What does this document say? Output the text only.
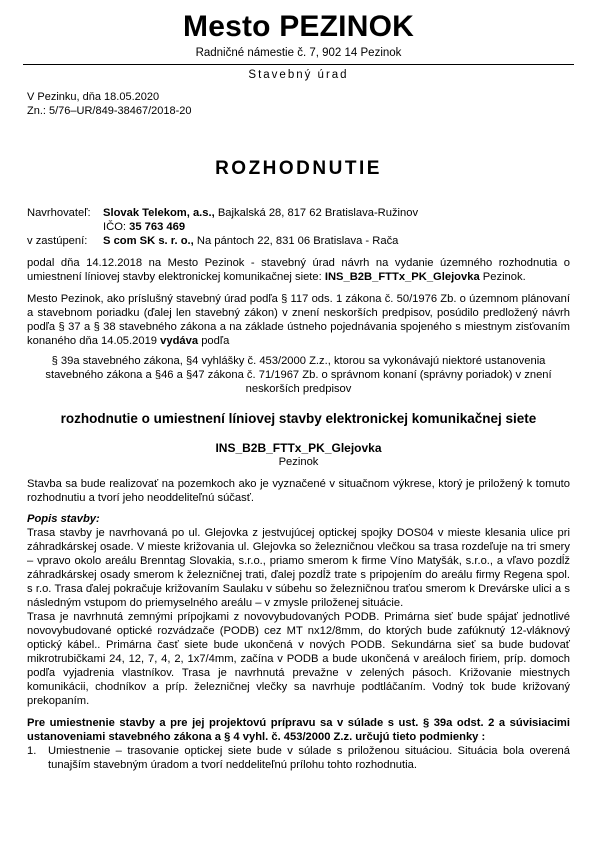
Mesto PEZINOK
Radničné námestie č. 7, 902 14 Pezinok
Stavebný úrad
V Pezinku, dňa 18.05.2020
Zn.: 5/76–UR/849-38467/2018-20
ROZHODNUTIE
Navrhovateľ:	Slovak Telekom, a.s., Bajkalská 28, 817 62 Bratislava-Ružinov
	IČO: 35 763 469
v zastúpení:	S com SK s. r. o., Na pántoch 22, 831 06 Bratislava - Rača

podal dňa 14.12.2018 na Mesto Pezinok - stavebný úrad návrh na vydanie územného rozhodnutia o umiestnení líniovej stavby elektronickej komunikačnej siete: INS_B2B_FTTx_PK_Glejovka Pezinok.

Mesto Pezinok, ako príslušný stavebný úrad podľa § 117 ods. 1 zákona č. 50/1976 Zb. o územnom plánovaní a stavebnom poriadku (ďalej len stavebný zákon) v znení neskorších predpisov, posúdilo predložený návrh podľa § 37 a § 38 stavebného zákona a na základe ústneho pojednávania spojeného s miestnym zisťovaním konaného dňa 14.05.2019 vydáva podľa

§ 39a stavebného zákona, §4 vyhlášky č. 453/2000 Z.z., ktorou sa vykonávajú niektoré ustanovenia stavebného zákona a §46 a §47 zákona č. 71/1967 Zb. o správnom konaní (správny poriadok) v znení neskorších predpisov
rozhodnutie o umiestnení líniovej stavby elektronickej komunikačnej siete
INS_B2B_FTTx_PK_Glejovka
Pezinok

Stavba sa bude realizovať na pozemkoch ako je vyznačené v situačnom výkrese, ktorý je priložený k tomuto rozhodnutiu a tvorí jeho neoddeliteľnú súčasť.

Popis stavby:

Trasa stavby je navrhovaná po ul. Glejovka z jestvujúcej optickej spojky DOS04 v mieste klesania ulice pri záhradkárskej osade. V mieste križovania ul. Glejovka so železničnou vlečkou sa trasa rozdeľuje na tri smery – vpravo okolo areálu Brenntag Slovakia, s.r.o., priamo smerom k firme Víno Matyšák, s.r.o., a vľavo pozdĺž záhradkárskej osady smerom k železničnej trati, ďalej pozdĺž trate s pripojením do areálu firmy Regena spol. s r.o. Trasa ďalej pokračuje križovaním Saulaku v súbehu so železničnou traťou smerom k Drevárske ulici a s následným vstupom do priemyselného areálu – v zmysle priloženej situácie.

Trasa je navrhnutá zemnými prípojkami z novovybudovaných PODB. Primárna sieť bude spájať jednotlivé novovybudované optické rozvádzače (PODB) cez MT nx12/8mm, do ktorých bude zafúknutý 12-vláknový optický kábel.. Primárna časť siete bude ukončená v nových PODB. Sekundárna sieť sa bude budovať mikrotrubičkami 24, 12, 7, 4, 2, 1x7/4mm, začína v PODB a bude ukončená v areáloch firiem, príp. domoch podľa vyjadrenia vlastníkov. Trasa je navrhnutá prevažne v zelených pásoch. Križovanie miestnych komunikácii, chodníkov a príp. železničnej vlečky sa navrhuje podtláčaním. Vodný tok bude križovaný prekopaním.

Pre umiestnenie stavby a pre jej projektovú prípravu sa v súlade s ust. § 39a odst. 2 a súvisiacimi ustanoveniami stavebného zákona a § 4 vyhl. č. 453/2000 Z.z. určujú tieto podmienky :

1.	Umiestnenie – trasovanie optickej siete bude v súlade s priloženou situáciou. Situácia bola overená tunajším stavebným úradom a tvorí neddeliteľnú prílohu tohto rozhodnutia.
